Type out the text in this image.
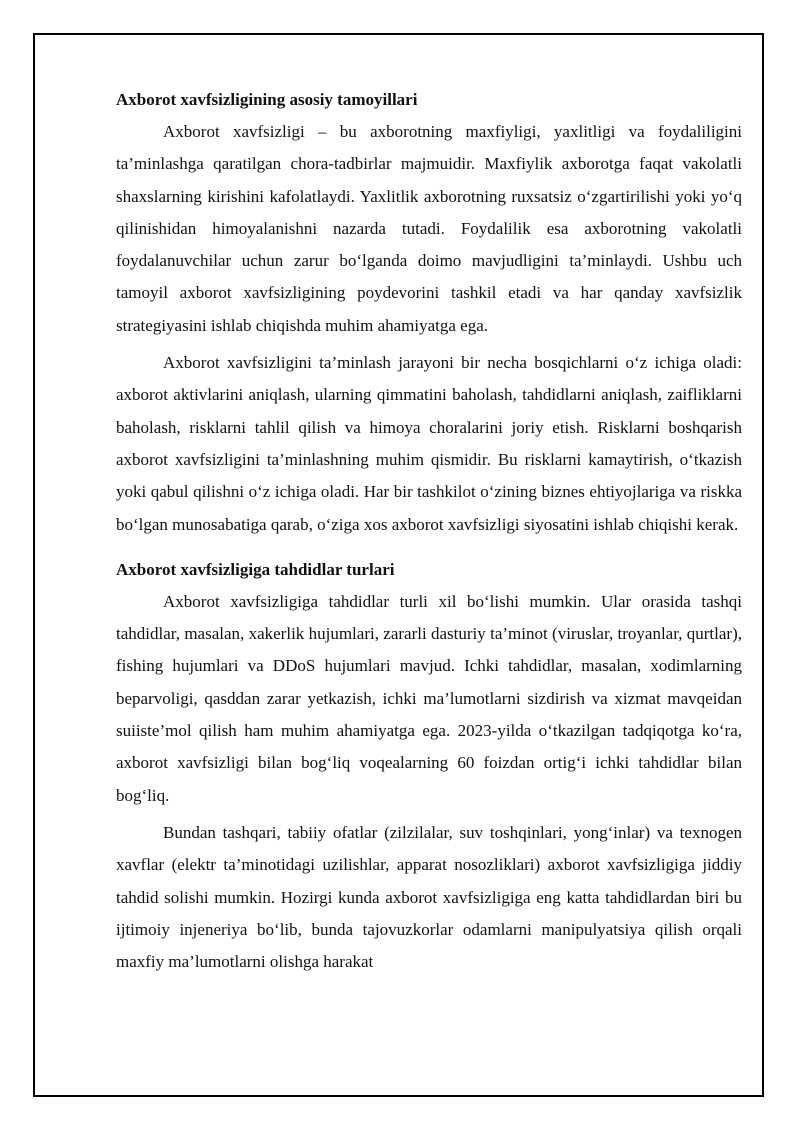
Axborot xavfsizligining asosiy tamoyillari

Axborot xavfsizligi – bu axborotning maxfiyligi, yaxlitligi va foydaliligini ta’minlashga qaratilgan chora-tadbirlar majmuidir. Maxfiylik axborotga faqat vakolatli shaxslarning kirishini kafolatlaydi. Yaxlitlik axborotning ruxsatsiz o‘zgartirilishi yoki yo‘q qilinishidan himoyalanishni nazarda tutadi. Foydalilik esa axborotning vakolatli foydalanuvchilar uchun zarur bo‘lganda doimo mavjudligini ta’minlaydi. Ushbu uch tamoyil axborot xavfsizligining poydevorini tashkil etadi va har qanday xavfsizlik strategiyasini ishlab chiqishda muhim ahamiyatga ega.

Axborot xavfsizligini ta’minlash jarayoni bir necha bosqichlarni o‘z ichiga oladi: axborot aktivlarini aniqlash, ularning qimmatini baholash, tahdidlarni aniqlash, zaifliklarni baholash, risklarni tahlil qilish va himoya choralarini joriy etish. Risklarni boshqarish axborot xavfsizligini ta’minlashning muhim qismidir. Bu risklarni kamaytirish, o‘tkazish yoki qabul qilishni o‘z ichiga oladi. Har bir tashkilot o‘zining biznes ehtiyojlariga va riskka bo‘lgan munosabatiga qarab, o‘ziga xos axborot xavfsizligi siyosatini ishlab chiqishi kerak.

Axborot xavfsizligiga tahdidlar turlari

Axborot xavfsizligiga tahdidlar turli xil bo‘lishi mumkin. Ular orasida tashqi tahdidlar, masalan, xakerlik hujumlari, zararli dasturiy ta’minot (viruslar, troyanlar, qurtlar), fishing hujumlari va DDoS hujumlari mavjud. Ichki tahdidlar, masalan, xodimlarning beparvoligi, qasddan zarar yetkazish, ichki ma’lumotlarni sizdirish va xizmat mavqeidan suiiste’mol qilish ham muhim ahamiyatga ega. 2023-yilda o‘tkazilgan tadqiqotga ko‘ra, axborot xavfsizligi bilan bog‘liq voqealarning 60 foizdan ortig‘i ichki tahdidlar bilan bog‘liq.

Bundan tashqari, tabiiy ofatlar (zilzilalar, suv toshqinlari, yong‘inlar) va texnogen xavflar (elektr ta’minotidagi uzilishlar, apparat nosozliklari) axborot xavfsizligiga jiddiy tahdid solishi mumkin. Hozirgi kunda axborot xavfsizligiga eng katta tahdidlardan biri bu ijtimoiy injeneriya bo‘lib, bunda tajovuzkorlar odamlarni manipulyatsiya qilish orqali maxfiy ma’lumotlarni olishga harakat
